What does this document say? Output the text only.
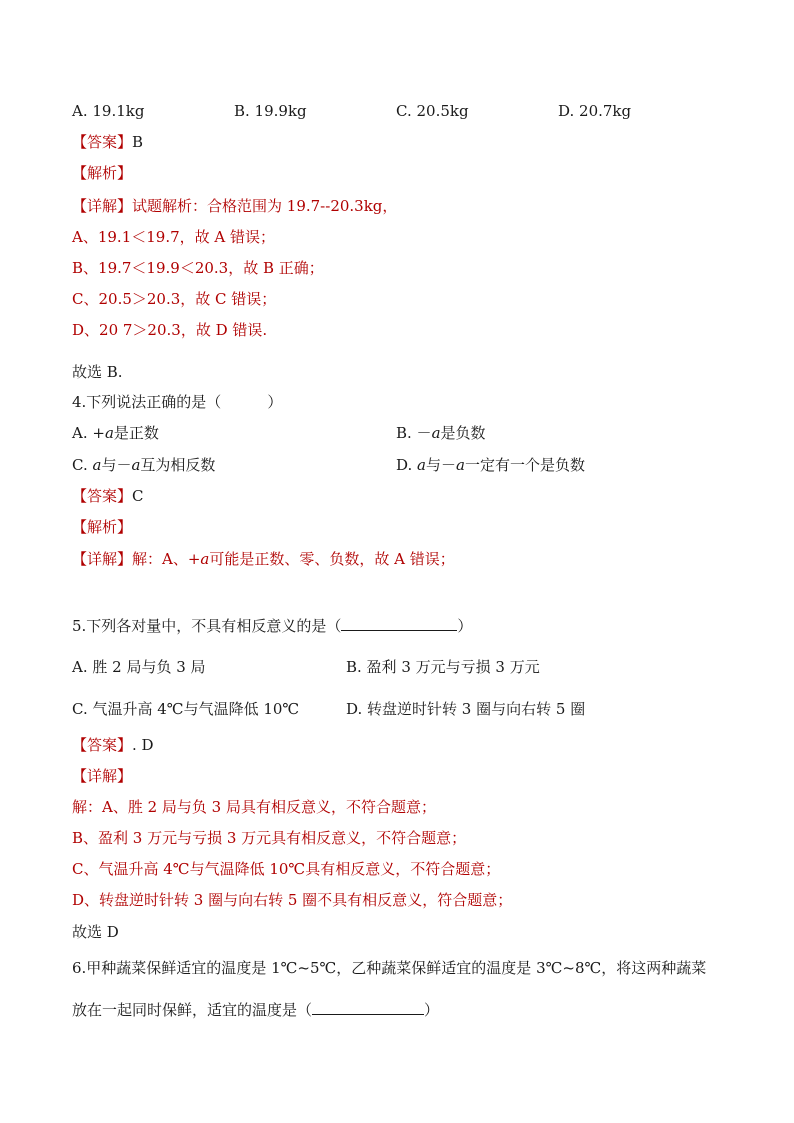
A. 19.1kg	B. 19.9kg	C. 20.5kg	D. 20.7kg
【答案】B
【解析】
【详解】试题解析：合格范围为 19.7--20.3kg，
A、19.1＜19.7，故 A 错误；
B、19.7＜19.9＜20.3，故 B 正确；
C、20.5＞20.3，故 C 错误；
D、20 7＞20.3，故 D 错误.
故选 B.
4.下列说法正确的是（	）
A. +a是正数	B. －a是负数
C. a与－a互为相反数	D. a与－a一定有一个是负数
【答案】C
【解析】
【详解】解：A、+a可能是正数、零、负数，故 A 错误；
5.下列各对量中，不具有相反意义的是（	）
A. 胜 2 局与负 3 局	B. 盈利 3 万元与亏损 3 万元
C. 气温升高 4℃与气温降低 10℃	D. 转盘逆时针转 3 圈与向右转 5 圈
【答案】. D
【详解】
解：A、胜 2 局与负 3 局具有相反意义，不符合题意；
B、盈利 3 万元与亏损 3 万元具有相反意义，不符合题意；
C、气温升高 4℃与气温降低 10℃具有相反意义，不符合题意；
D、转盘逆时针转 3 圈与向右转 5 圈不具有相反意义，符合题意；
故选 D
6.甲种蔬菜保鲜适宜的温度是 1℃~5℃，乙种蔬菜保鲜适宜的温度是 3℃~8℃，将这两种蔬菜
放在一起同时保鲜，适宜的温度是（	）
